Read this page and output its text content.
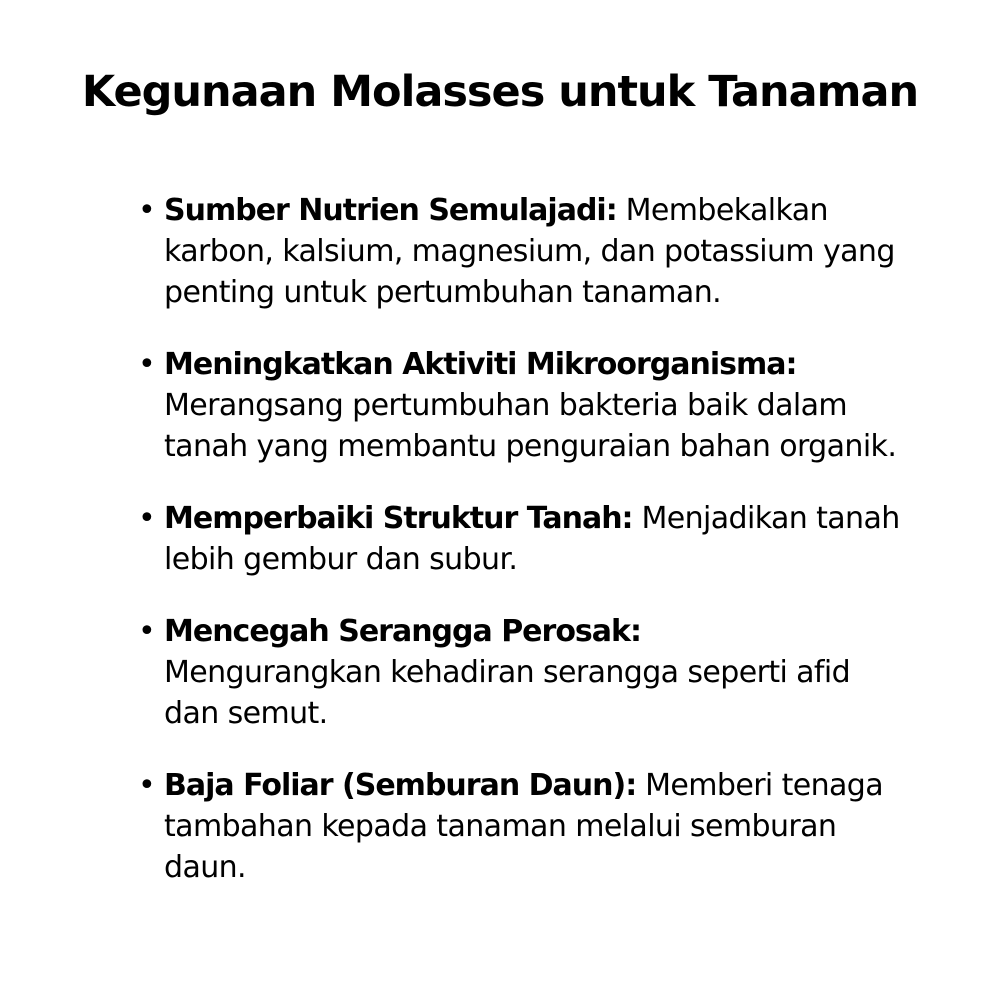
Kegunaan Molasses untuk Tanaman
• Sumber Nutrien Semulajadi: Membekalkan karbon, kalsium, magnesium, dan potassium yang penting untuk pertumbuhan tanaman.
• Meningkatkan Aktiviti Mikroorganisma:
Merangsang pertumbuhan bakteria baik dalam tanah yang membantu penguraian bahan organik.
• Memperbaiki Struktur Tanah: Menjadikan tanah lebih gembur dan subur.
• Mencegah Serangga Perosak:
Mengurangkan kehadiran serangga seperti afid dan semut.
• Baja Foliar (Semburan Daun): Memberi tenaga tambahan kepada tanaman melalui semburan daun.
